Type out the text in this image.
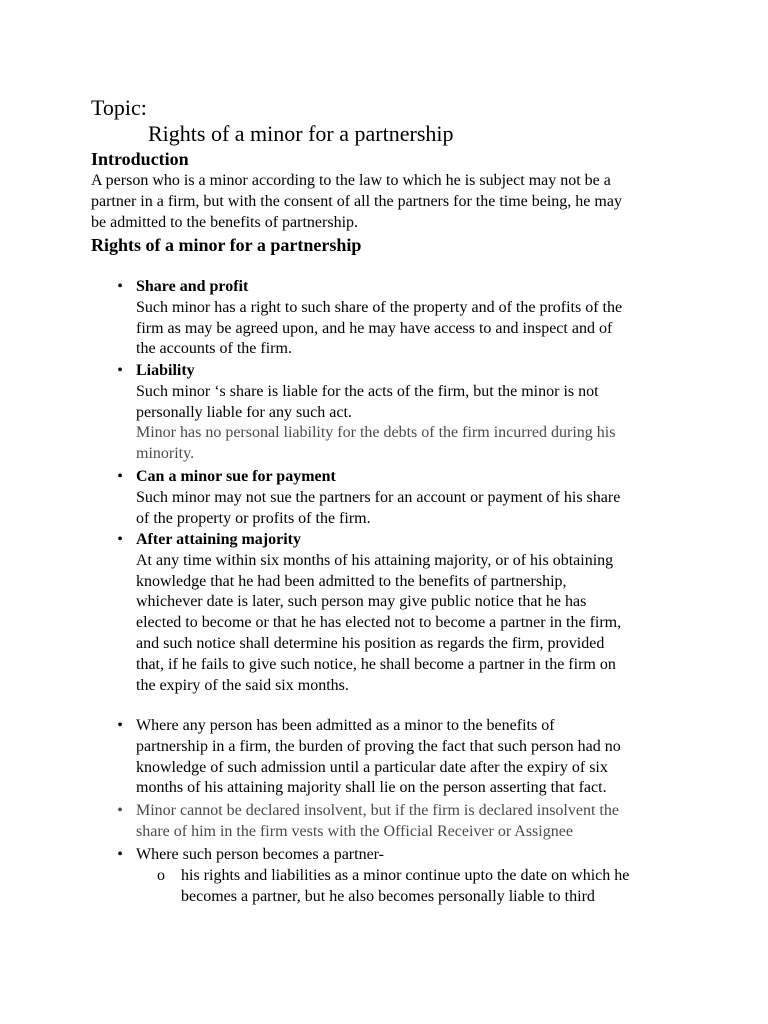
Topic:
Rights of a minor for a partnership
Introduction
A person who is a minor according to the law to which he is subject may not be a
partner in a firm, but with the consent of all the partners for the time being, he may
be admitted to the benefits of partnership.
Rights of a minor for a partnership
• Share and profit
Such minor has a right to such share of the property and of the profits of the
firm as may be agreed upon, and he may have access to and inspect and of
the accounts of the firm.
• Liability
Such minor ‘s share is liable for the acts of the firm, but the minor is not
personally liable for any such act.
Minor has no personal liability for the debts of the firm incurred during his
minority.
• Can a minor sue for payment
Such minor may not sue the partners for an account or payment of his share
of the property or profits of the firm.
• After attaining majority
At any time within six months of his attaining majority, or of his obtaining
knowledge that he had been admitted to the benefits of partnership,
whichever date is later, such person may give public notice that he has
elected to become or that he has elected not to become a partner in the firm,
and such notice shall determine his position as regards the firm, provided
that, if he fails to give such notice, he shall become a partner in the firm on
the expiry of the said six months.
• Where any person has been admitted as a minor to the benefits of
partnership in a firm, the burden of proving the fact that such person had no
knowledge of such admission until a particular date after the expiry of six
months of his attaining majority shall lie on the person asserting that fact.
• Minor cannot be declared insolvent, but if the firm is declared insolvent the
share of him in the firm vests with the Official Receiver or Assignee
• Where such person becomes a partner-
o his rights and liabilities as a minor continue upto the date on which he
becomes a partner, but he also becomes personally liable to third
